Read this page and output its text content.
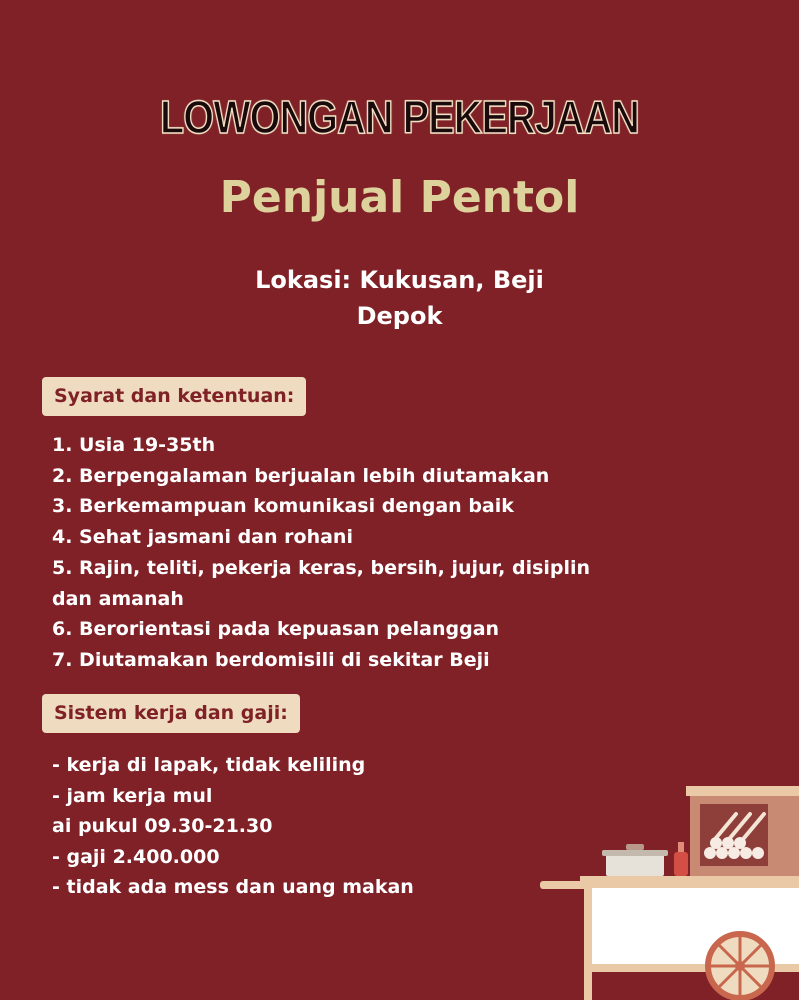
LOWONGAN PEKERJAAN
Penjual Pentol
Lokasi: Kukusan, Beji
Depok
Syarat dan ketentuan:
1. Usia 19-35th
2. Berpengalaman berjualan lebih diutamakan
3. Berkemampuan komunikasi dengan baik
4. Sehat jasmani dan rohani
5. Rajin, teliti, pekerja keras, bersih, jujur, disiplin dan amanah
6. Berorientasi pada kepuasan pelanggan
7. Diutamakan berdomisili di sekitar Beji
Sistem kerja dan gaji:
- kerja di lapak, tidak keliling
- jam kerja mul
ai pukul 09.30-21.30
- gaji 2.400.000
- tidak ada mess dan uang makan
